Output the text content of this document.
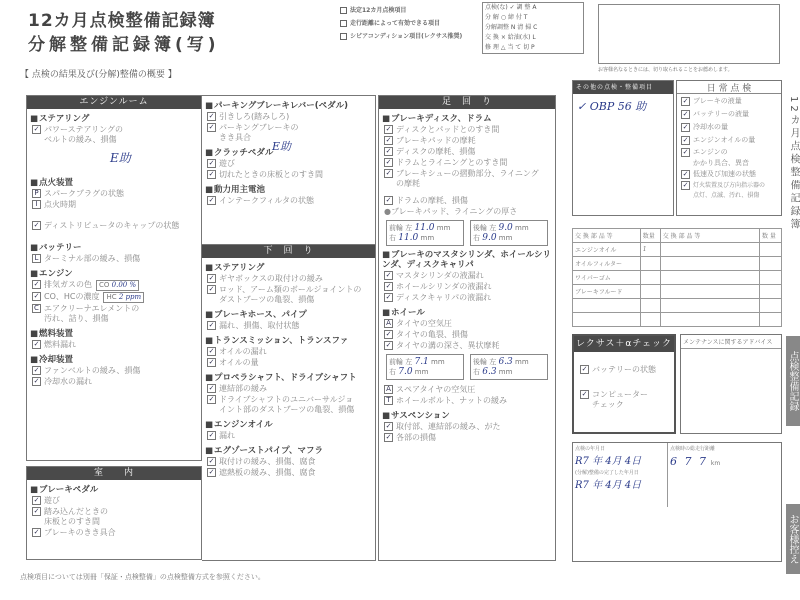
12カ月点検整備記録簿
分解整備記録簿(写)
法定12カ月点検項目
走行距離によって有効できる項目
シビアコンディション項目(レクサス推奨)
点検(な) ✓ 調 整 A
分 解 ○ 締 付 T
分解調整 N 清 掃 C
交 換 × 給油(水) L
修 理 △ 当 て 切 P
お客様名なるときには、切り取られることをお薦めします。
【 点検の結果及び(分解)整備の概要 】
エンジンルーム
■ ステアリング
✓ パワーステアリングの
ベルトの緩み、損傷
E助
■ 点火装置
P スパークプラグの状態
I 点火時期
✓ ディストリビュータのキャップの状態
■ バッテリー
L ターミナル部の緩み、損傷
■ エンジン
✓ 排気ガスの色 CO 0.00 %
✓ CO、HCの濃度 HC 2 ppm
C エアクリーナエレメントの
汚れ、詰り、損傷
■ 燃料装置
✓ 燃料漏れ
■ 冷却装置
✓ ファンベルトの緩み、損傷
✓ 冷却水の漏れ
室　　内
■ ブレーキペダル
✓ 遊び
✓ 踏み込んだときの
床板とのすき間
✓ ブレーキのきき具合
■ パーキングブレーキレバー(ペダル)
✓ 引きしろ(踏みしろ)
✓ パーキングブレーキの
きき具合
E助
■ クラッチペダル
✓ 遊び
✓ 切れたときの床板とのすき間
■ 動力用主電池
✓ インテークフィルタの状態
下　回　り
■ ステアリング
✓ ギヤボックスの取付けの緩み
✓ ロッド、アーム類のボールジョイントの
ダストブーツの亀裂、損傷
■ ブレーキホース、パイプ
✓ 漏れ、損傷、取付状態
■ トランスミッション、トランスファ
✓ オイルの漏れ
✓ オイルの量
■ プロペラシャフト、ドライブシャフト
✓ 連結部の緩み
✓ ドライブシャフトのユニバーサルジョ
イント部のダストブーツの亀裂、損傷
■ エンジンオイル
✓ 漏れ
■ エグゾーストパイプ、マフラ
✓ 取付けの緩み、損傷、腐食
✓ 遮熱板の緩み、損傷、腐食
足　回　り
■ ブレーキディスク、ドラム
✓ ディスクとパッドとのすき間
✓ ブレーキパッドの摩耗
✓ ディスクの摩耗、損傷
✓ ドラムとライニングとのすき間
✓ ブレーキシューの摺動部分、ライニング
の摩耗
✓ ドラムの摩耗、損傷
●ブレーキパッド、ライニングの厚さ
前輪 左 11.0 mm
右 11.0 mm
後輪 左 9.0 mm
右 9.0 mm
■ ブレーキのマスタシリンダ、ホイールシリンダ、ディスクキャリパ
✓ マスタシリンダの液漏れ
✓ ホイールシリンダの液漏れ
✓ ディスクキャリパの液漏れ
■ ホイール
A タイヤの空気圧
✓ タイヤの亀裂、損傷
✓ タイヤの溝の深さ、異状摩耗
前輪 左 7.1 mm
右 7.0 mm
後輪 左 6.3 mm
右 6.3 mm
A スペアタイヤの空気圧
T ホイールボルト、ナットの緩み
■ サスペンション
✓ 取付部、連結部の緩み、がた
✓ 各部の損傷
その他の点検・整備項目
✓ OBP 56 助
日 常 点 検
✓ ブレーキの液量
✓ バッテリーの液量
✓ 冷却水の量
✓ エンジンオイルの量
✓ エンジンの
かかり具合、異音
✓ 低速及び加速の状態
✓ 灯火装置及び方向指示器の
点灯、点滅、汚れ、損傷	12カ月点検整備記録簿
交 換 部 品 等	数量	交 換 部 品 等	数 量
エンジンオイル	1		
オイルフィルター			
ワイパーゴム			
ブレーキフルード			

レクサス＋αチェック
✓ バッテリーの状態
✓ コンピューター
チェック
メンテナンスに関するアドバイス
点検整備記録
お客様控え
点検の年月日
R7 年 4月 4日
(分解)整備の完了した年月日
R7 年 4月 4日
点検時の総走行距離
6 7 7 km
点検項目については別冊「保証・点検整備」の点検整備方式を参照ください。
